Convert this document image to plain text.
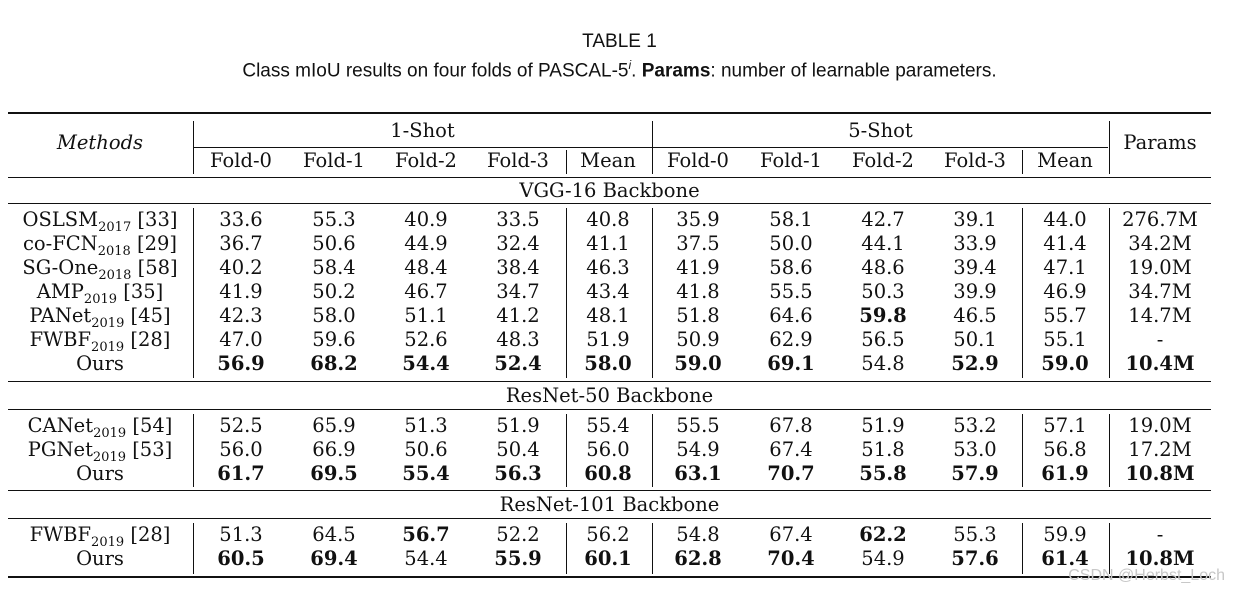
TABLE 1
Class mIoU results on four folds of PASCAL-5$^i$. Params: number of learnable parameters.
Methods
1-Shot	5-Shot
Params
Fold-0	Fold-1	Fold-2	Fold-3	Mean	Fold-0	Fold-1	Fold-2	Fold-3	Mean
VGG-16 Backbone
$OSLSM_{2017}$ [33]	33.6	55.3	40.9	33.5	40.8	35.9	58.1	42.7	39.1	44.0	276.7M
$co-FCN_{2018}$ [29]	36.7	50.6	44.9	32.4	41.1	37.5	50.0	44.1	33.9	41.4	34.2M
SG-One$_{2018}$ [58]	40.2	58.4	48.4	38.4	46.3	41.9	58.6	48.6	39.4	47.1	19.0M
$AMP_{2019}$ [35]	41.9	50.2	46.7	34.7	43.4	41.8	55.5	50.3	39.9	46.9	34.7M
PANet$_{2019}$ [45]	42.3	58.0	51.1	41.2	48.1	51.8	64.6	59.8	46.5	55.7	14.7M
$FWBF_{2019}$ [28]	47.0	59.6	52.6	48.3	51.9	50.9	62.9	56.5	50.1	55.1	-
Ours	56.9	68.2	54.4	52.4	58.0	59.0	69.1	54.8	52.9	59.0	10.4M
ResNet-50 Backbone
CANet$_{2019}$ [54]	52.5	65.9	51.3	51.9	55.4	55.5	67.8	51.9	53.2	57.1	19.0M
PGNet$_{2019}$ [53]	56.0	66.9	50.6	50.4	56.0	54.9	67.4	51.8	53.0	56.8	17.2M
Ours	61.7	69.5	55.4	56.3	60.8	63.1	70.7	55.8	57.9	61.9	10.8M
ResNet-101 Backbone
$FWBF_{2019}$ [28]	51.3	64.5	56.7	52.2	56.2	54.8	67.4	62.2	55.3	59.9	-
Ours	60.5	69.4	54.4	55.9	60.1	62.8	70.4	54.9	57.6	61.4	10.8M
CSDN @Herbst_Loch
